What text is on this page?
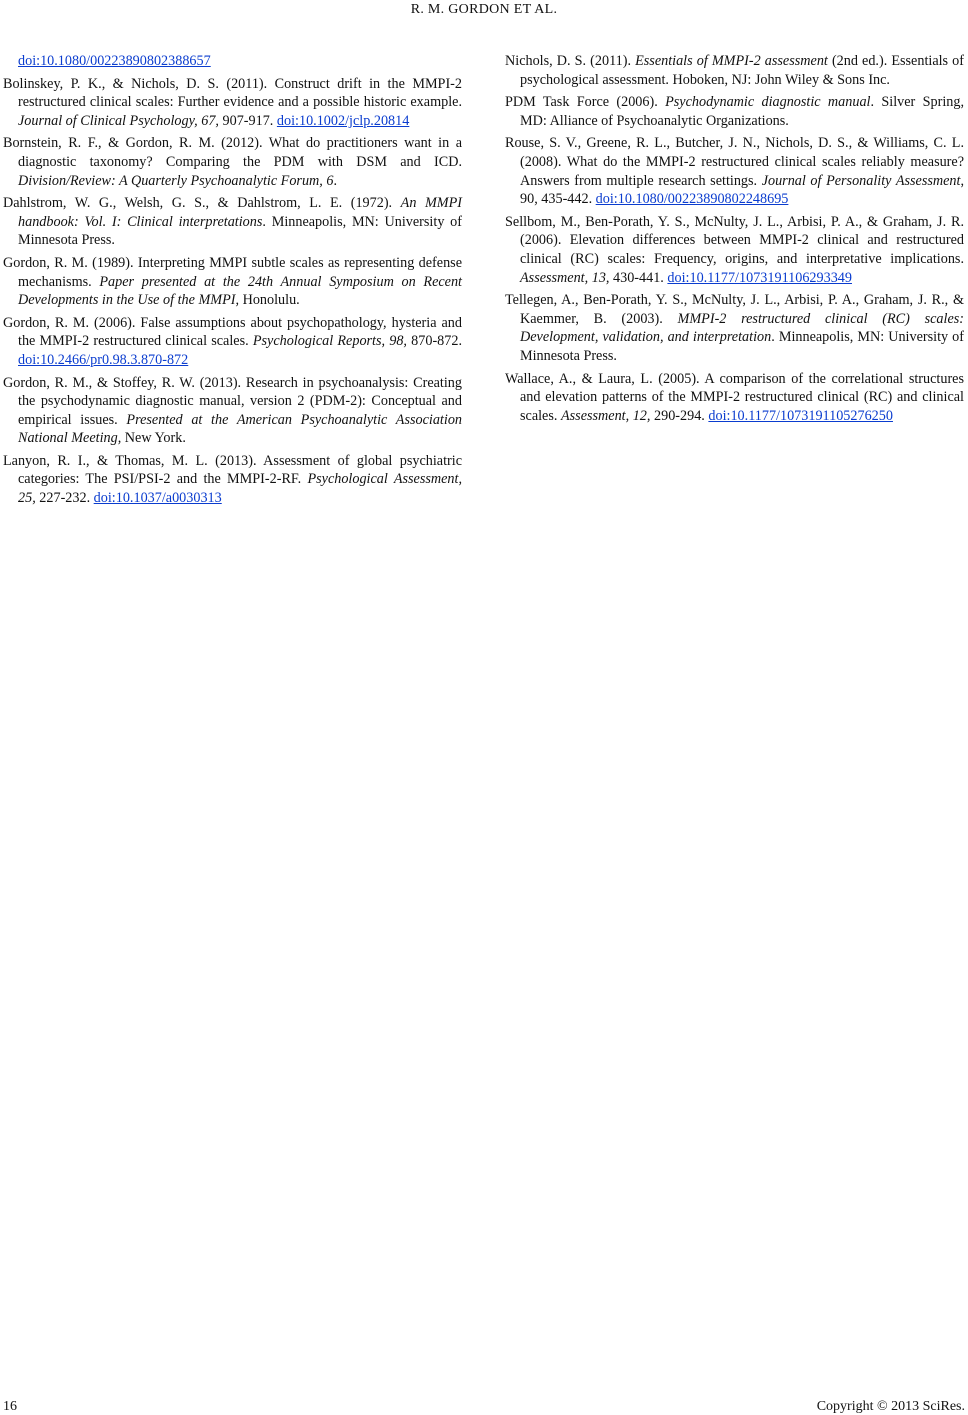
R. M. GORDON ET AL.

doi:10.1080/00223890802388657

Bolinskey, P. K., & Nichols, D. S. (2011). Construct drift in the MMPI-2 restructured clinical scales: Further evidence and a possible historic example. Journal of Clinical Psychology, 67, 907-917. doi:10.1002/jclp.20814

Bornstein, R. F., & Gordon, R. M. (2012). What do practitioners want in a diagnostic taxonomy? Comparing the PDM with DSM and ICD. Division/Review: A Quarterly Psychoanalytic Forum, 6.

Dahlstrom, W. G., Welsh, G. S., & Dahlstrom, L. E. (1972). An MMPI handbook: Vol. I: Clinical interpretations. Minneapolis, MN: University of Minnesota Press.

Gordon, R. M. (1989). Interpreting MMPI subtle scales as representing defense mechanisms. Paper presented at the 24th Annual Symposium on Recent Developments in the Use of the MMPI, Honolulu.

Gordon, R. M. (2006). False assumptions about psychopathology, hysteria and the MMPI-2 restructured clinical scales. Psychological Reports, 98, 870-872. doi:10.2466/pr0.98.3.870-872

Gordon, R. M., & Stoffey, R. W. (2013). Research in psychoanalysis: Creating the psychodynamic diagnostic manual, version 2 (PDM-2): Conceptual and empirical issues. Presented at the American Psychoanalytic Association National Meeting, New York.

Lanyon, R. I., & Thomas, M. L. (2013). Assessment of global psychiatric categories: The PSI/PSI-2 and the MMPI-2-RF. Psychological Assessment, 25, 227-232. doi:10.1037/a0030313

Nichols, D. S. (2011). Essentials of MMPI-2 assessment (2nd ed.). Essentials of psychological assessment. Hoboken, NJ: John Wiley & Sons Inc.

PDM Task Force (2006). Psychodynamic diagnostic manual. Silver Spring, MD: Alliance of Psychoanalytic Organizations.

Rouse, S. V., Greene, R. L., Butcher, J. N., Nichols, D. S., & Williams, C. L. (2008). What do the MMPI-2 restructured clinical scales reliably measure? Answers from multiple research settings. Journal of Personality Assessment, 90, 435-442. doi:10.1080/00223890802248695

Sellbom, M., Ben-Porath, Y. S., McNulty, J. L., Arbisi, P. A., & Graham, J. R. (2006). Elevation differences between MMPI-2 clinical and restructured clinical (RC) scales: Frequency, origins, and interpretative implications. Assessment, 13, 430-441. doi:10.1177/1073191106293349

Tellegen, A., Ben-Porath, Y. S., McNulty, J. L., Arbisi, P. A., Graham, J. R., & Kaemmer, B. (2003). MMPI-2 restructured clinical (RC) scales: Development, validation, and interpretation. Minneapolis, MN: University of Minnesota Press.

Wallace, A., & Laura, L. (2005). A comparison of the correlational structures and elevation patterns of the MMPI-2 restructured clinical (RC) and clinical scales. Assessment, 12, 290-294. doi:10.1177/1073191105276250

16	Copyright © 2013 SciRes.
